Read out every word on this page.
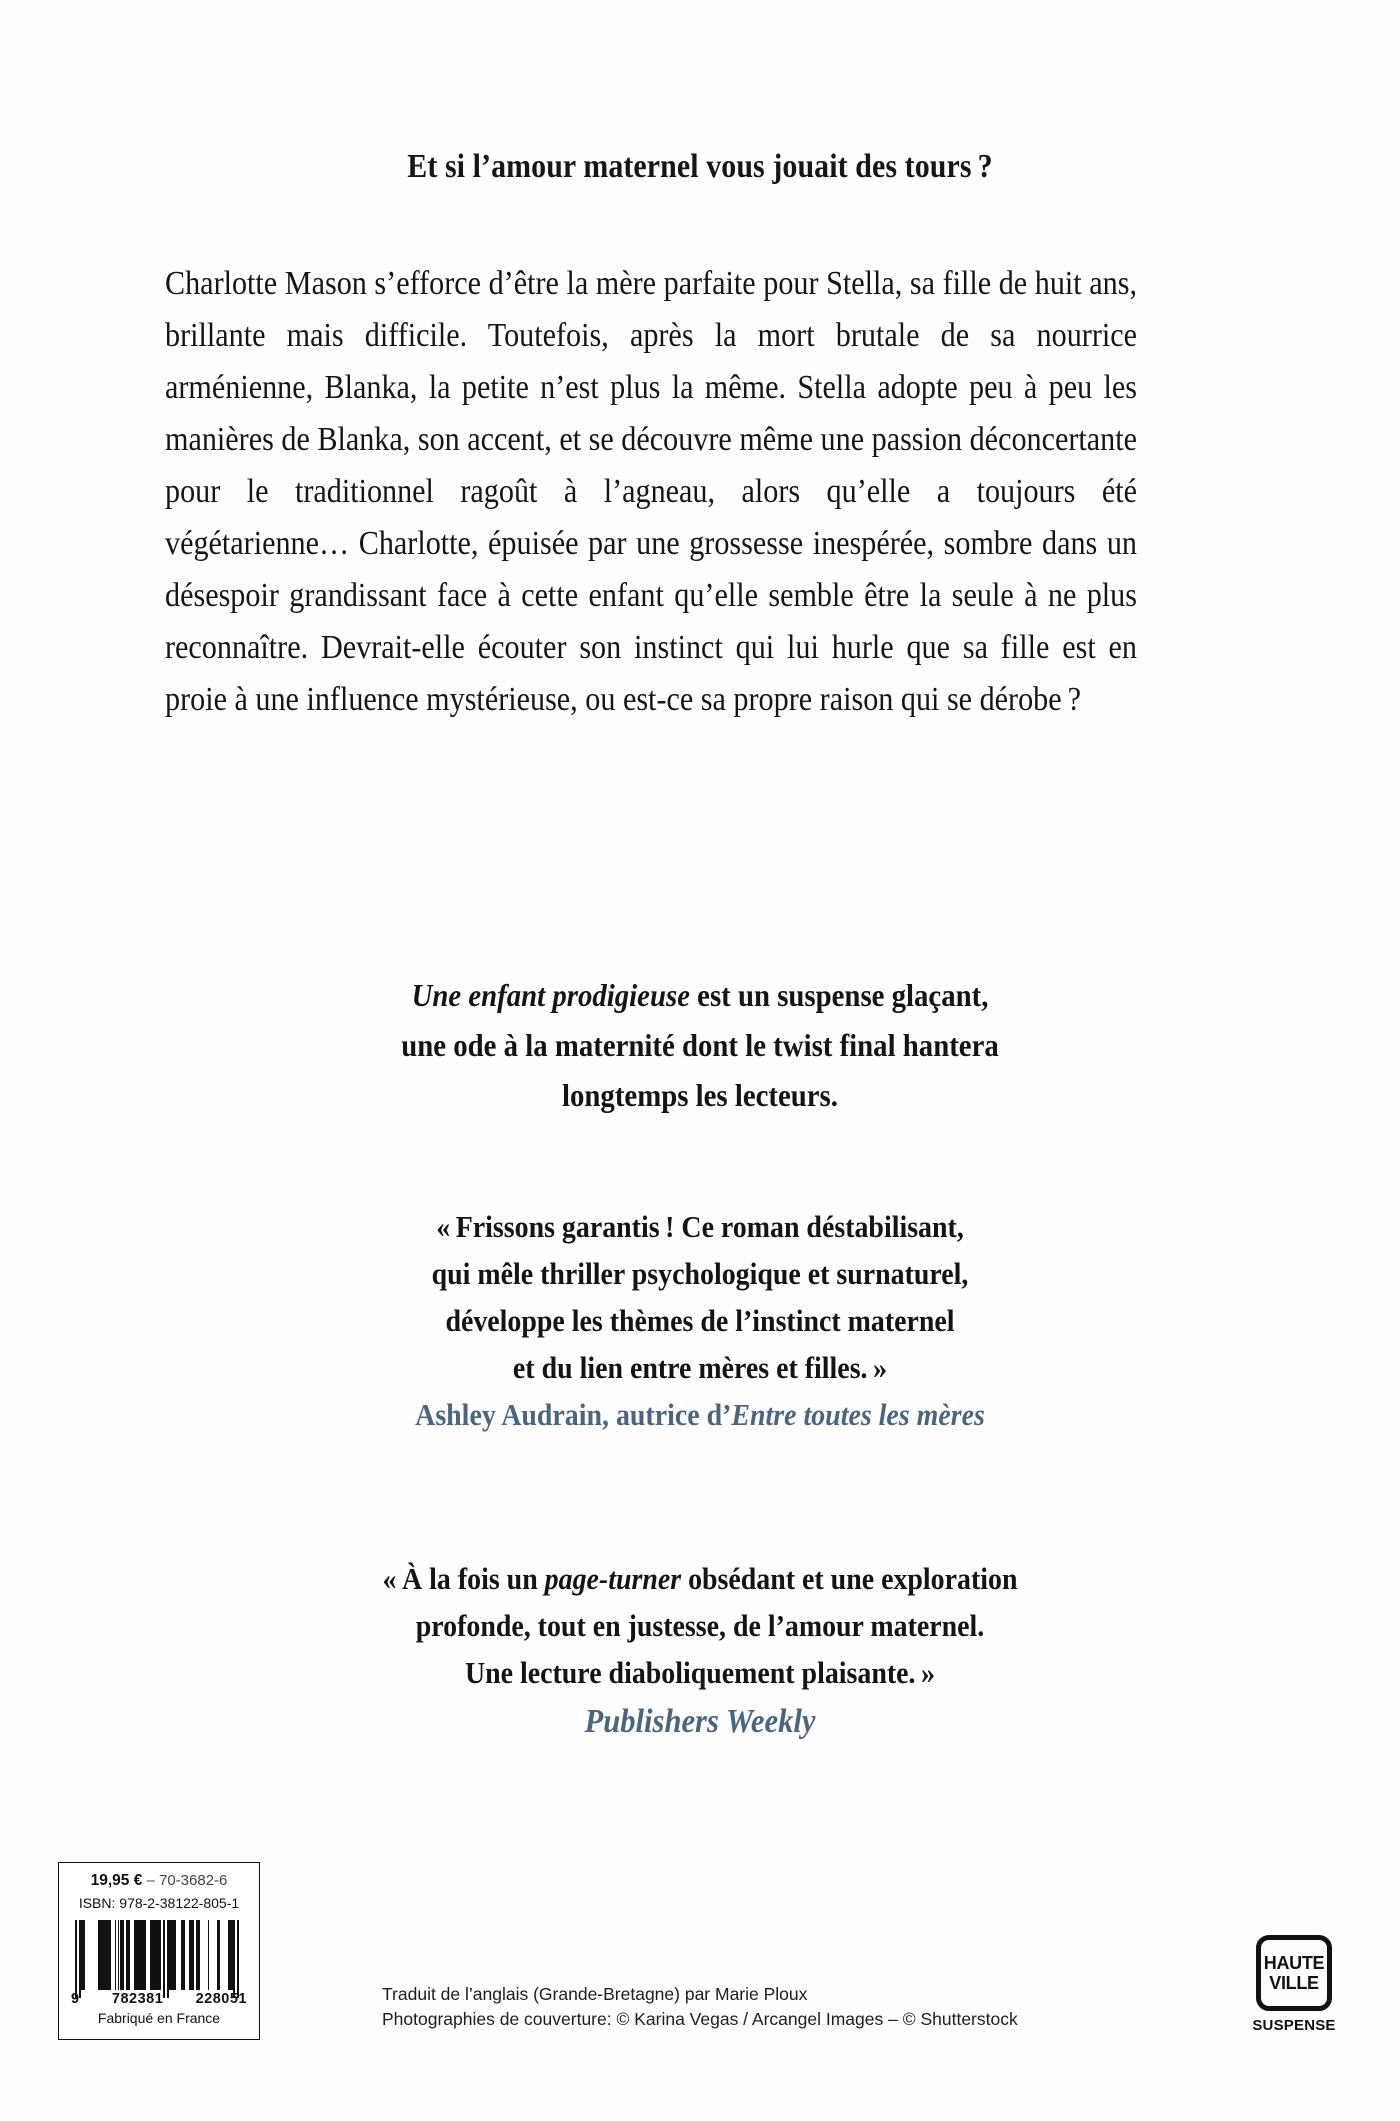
Et si l’amour maternel vous jouait des tours ?
Charlotte Mason s’efforce d’être la mère parfaite pour Stella, sa fille de huit ans, brillante mais difficile. Toutefois, après la mort brutale de sa nourrice arménienne, Blanka, la petite n’est plus la même. Stella adopte peu à peu les manières de Blanka, son accent, et se découvre même une passion déconcertante pour le traditionnel ragoût à l’agneau, alors qu’elle a toujours été végétarienne… Charlotte, épuisée par une grossesse inespérée, sombre dans un désespoir grandissant face à cette enfant qu’elle semble être la seule à ne plus reconnaître. Devrait-elle écouter son instinct qui lui hurle que sa fille est en proie à une influence mystérieuse, ou est-ce sa propre raison qui se dérobe ?
Une enfant prodigieuse est un suspense glaçant,
une ode à la maternité dont le twist final hantera
longtemps les lecteurs.
« Frissons garantis ! Ce roman déstabilisant,
qui mêle thriller psychologique et surnaturel,
développe les thèmes de l’instinct maternel
et du lien entre mères et filles. »

Ashley Audrain, autrice d’Entre toutes les mères
« À la fois un page-turner obsédant et une exploration
profonde, tout en justesse, de l’amour maternel.
Une lecture diaboliquement plaisante. »
Publishers Weekly
19,95 € – 70-3682-6
ISBN: 978-2-38122-805-1
9 782381 228051
Fabriqué en France
Traduit de l’anglais (Grande-Bretagne) par Marie Ploux
Photographies de couverture: © Karina Vegas / Arcangel Images – © Shutterstock
HAUTE
VILLE
SUSPENSE
